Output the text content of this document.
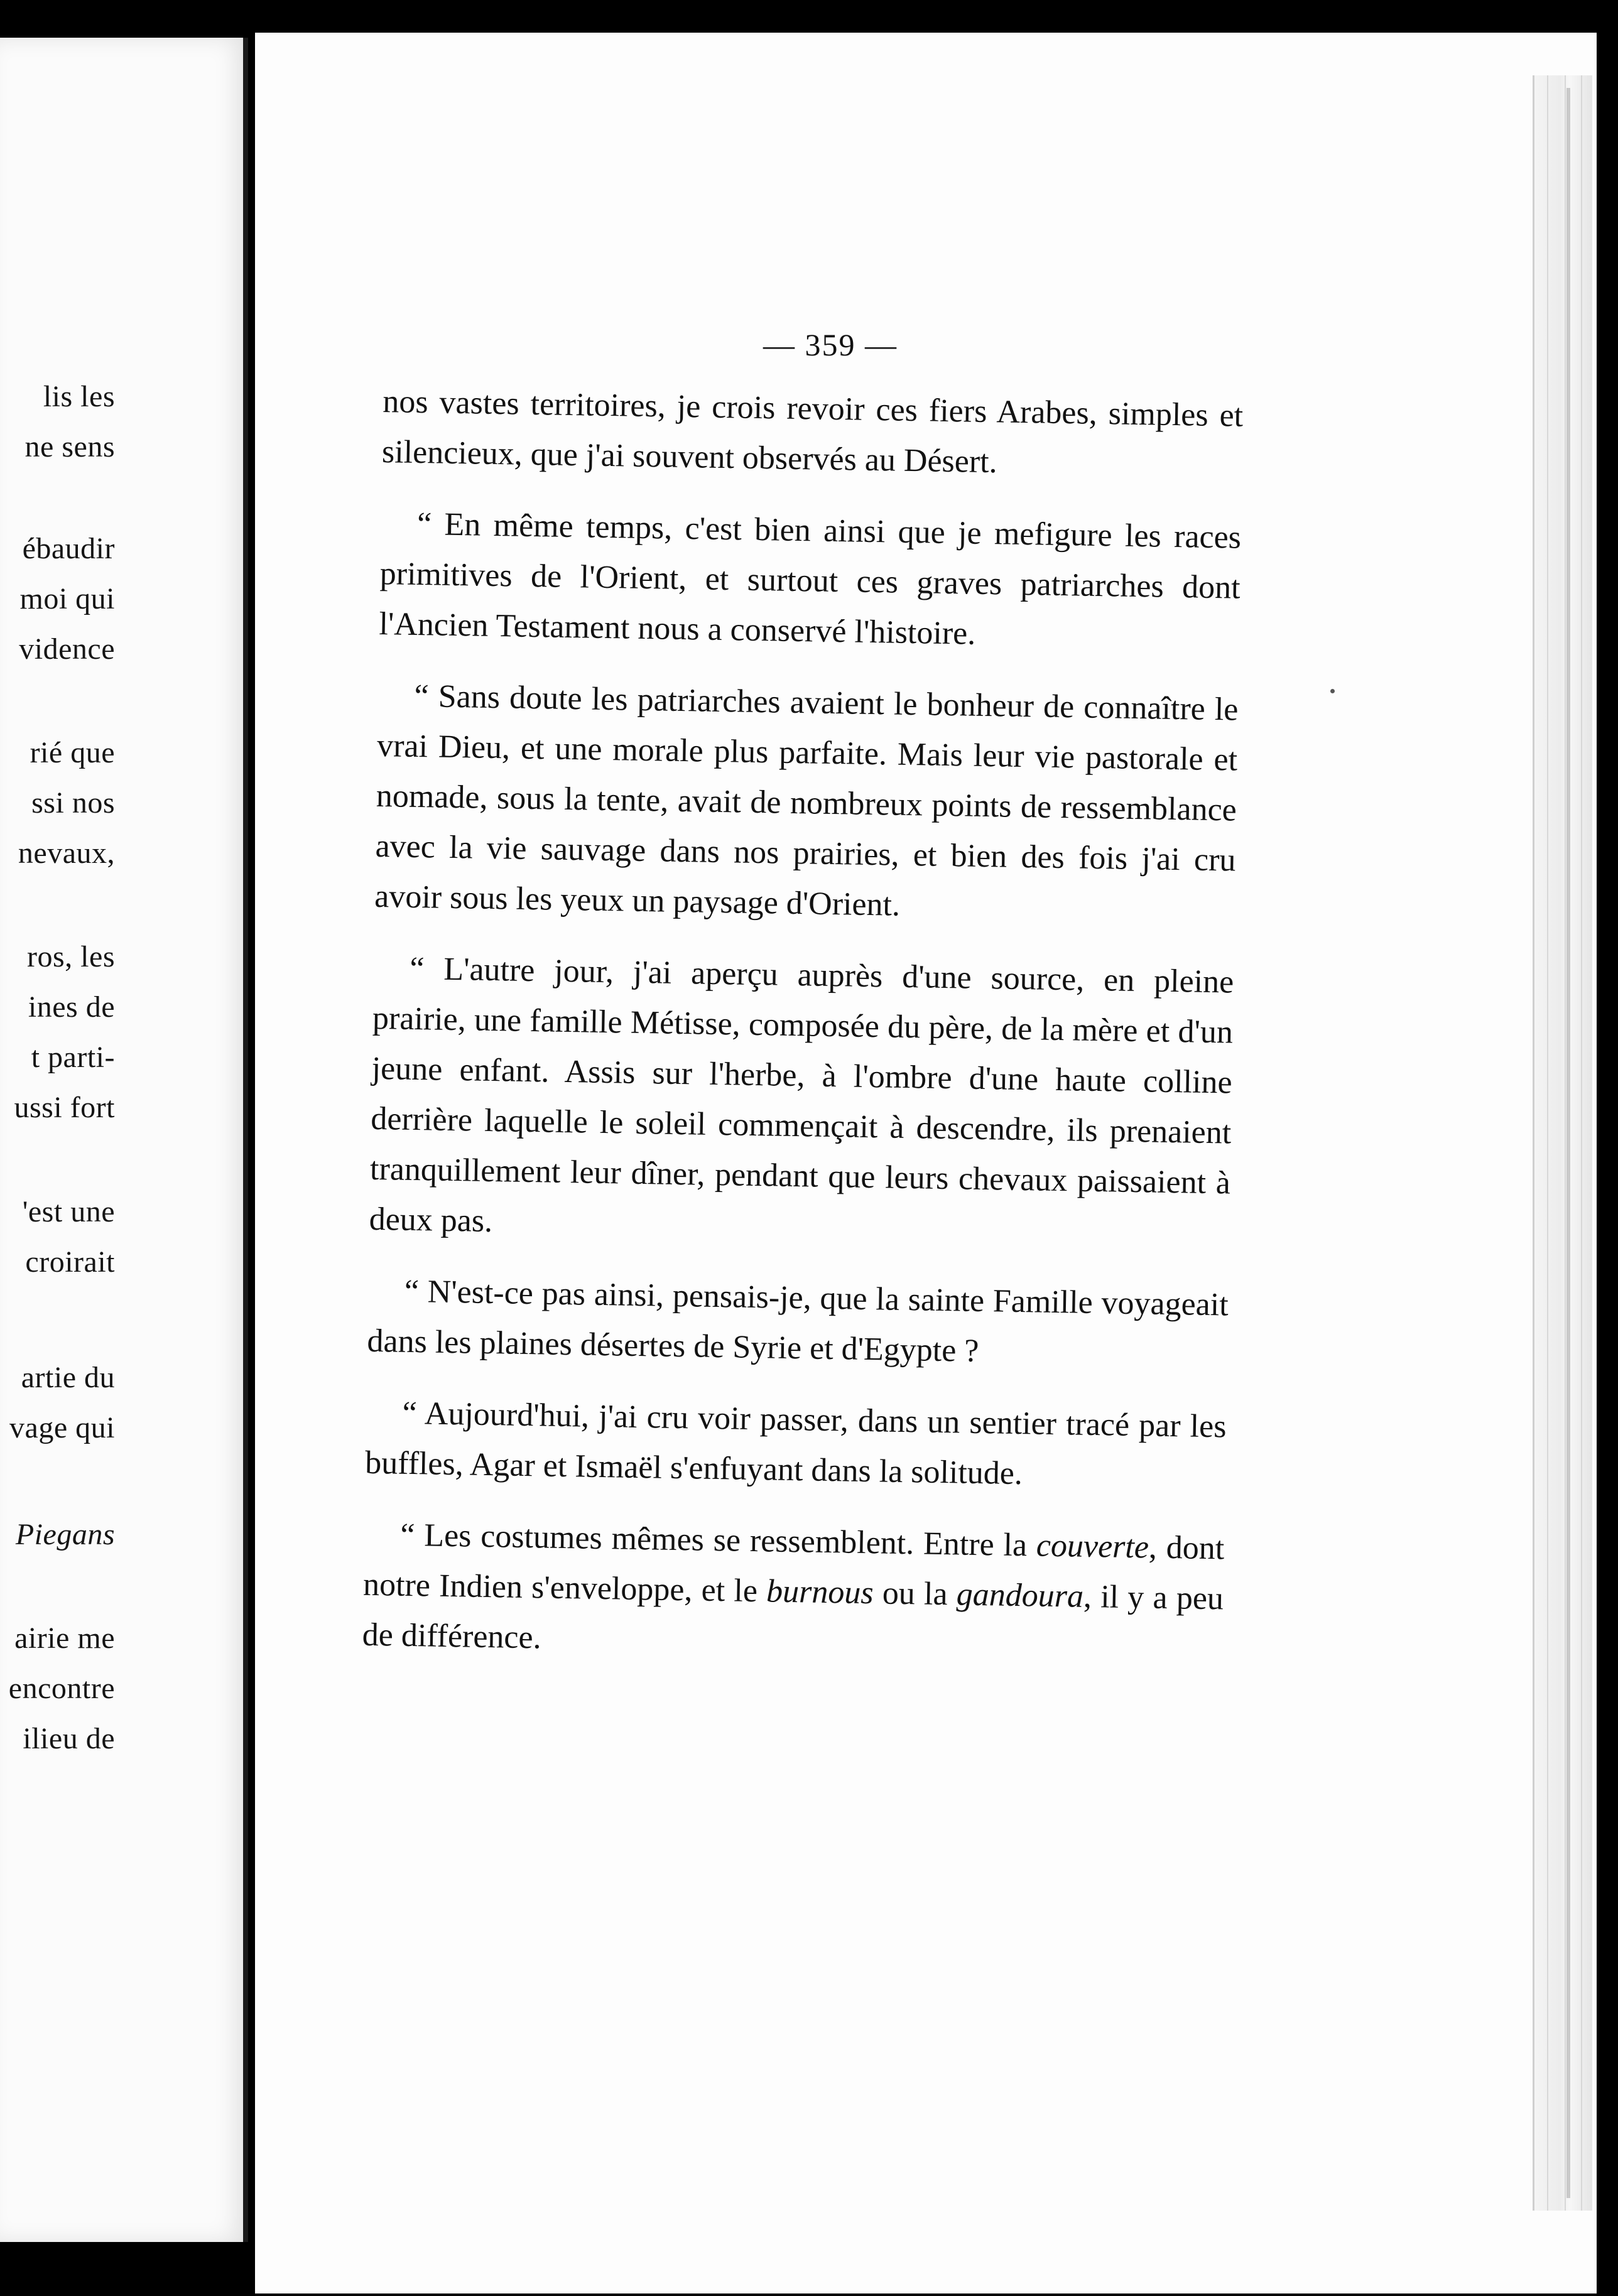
lis les
ne sens
ébaudir
moi qui
vidence
rié que
ssi nos
nevaux,
ros, les
ines de
t parti-
ussi fort
'est une
croirait
artie du
vage qui
Piegans
airie me
encontre
ilieu de
— 359 —

nos vastes territoires, je crois revoir ces fiers Arabes, simples et silencieux, que j'ai souvent observés au Désert.

“ En même temps, c'est bien ainsi que je mefigure les races primitives de l'Orient, et surtout ces graves patriarches dont l'Ancien Testament nous a conservé l'histoire.

“ Sans doute les patriarches avaient le bonheur de connaître le vrai Dieu, et une morale plus parfaite. Mais leur vie pastorale et nomade, sous la tente, avait de nombreux points de ressemblance avec la vie sauvage dans nos prairies, et bien des fois j'ai cru avoir sous les yeux un paysage d'Orient.

“ L'autre jour, j'ai aperçu auprès d'une source, en pleine prairie, une famille Métisse, composée du père, de la mère et d'un jeune enfant. Assis sur l'herbe, à l'ombre d'une haute colline derrière laquelle le soleil commençait à descendre, ils prenaient tranquillement leur dîner, pendant que leurs chevaux paissaient à deux pas.

“ N'est-ce pas ainsi, pensais-je, que la sainte Famille voyageait dans les plaines désertes de Syrie et d'Egypte ?

“ Aujourd'hui, j'ai cru voir passer, dans un sentier tracé par les buffles, Agar et Ismaël s'enfuyant dans la solitude.

“ Les costumes mêmes se ressemblent. Entre la couverte, dont notre Indien s'enveloppe, et le burnous ou la gandoura, il y a peu de différence.
